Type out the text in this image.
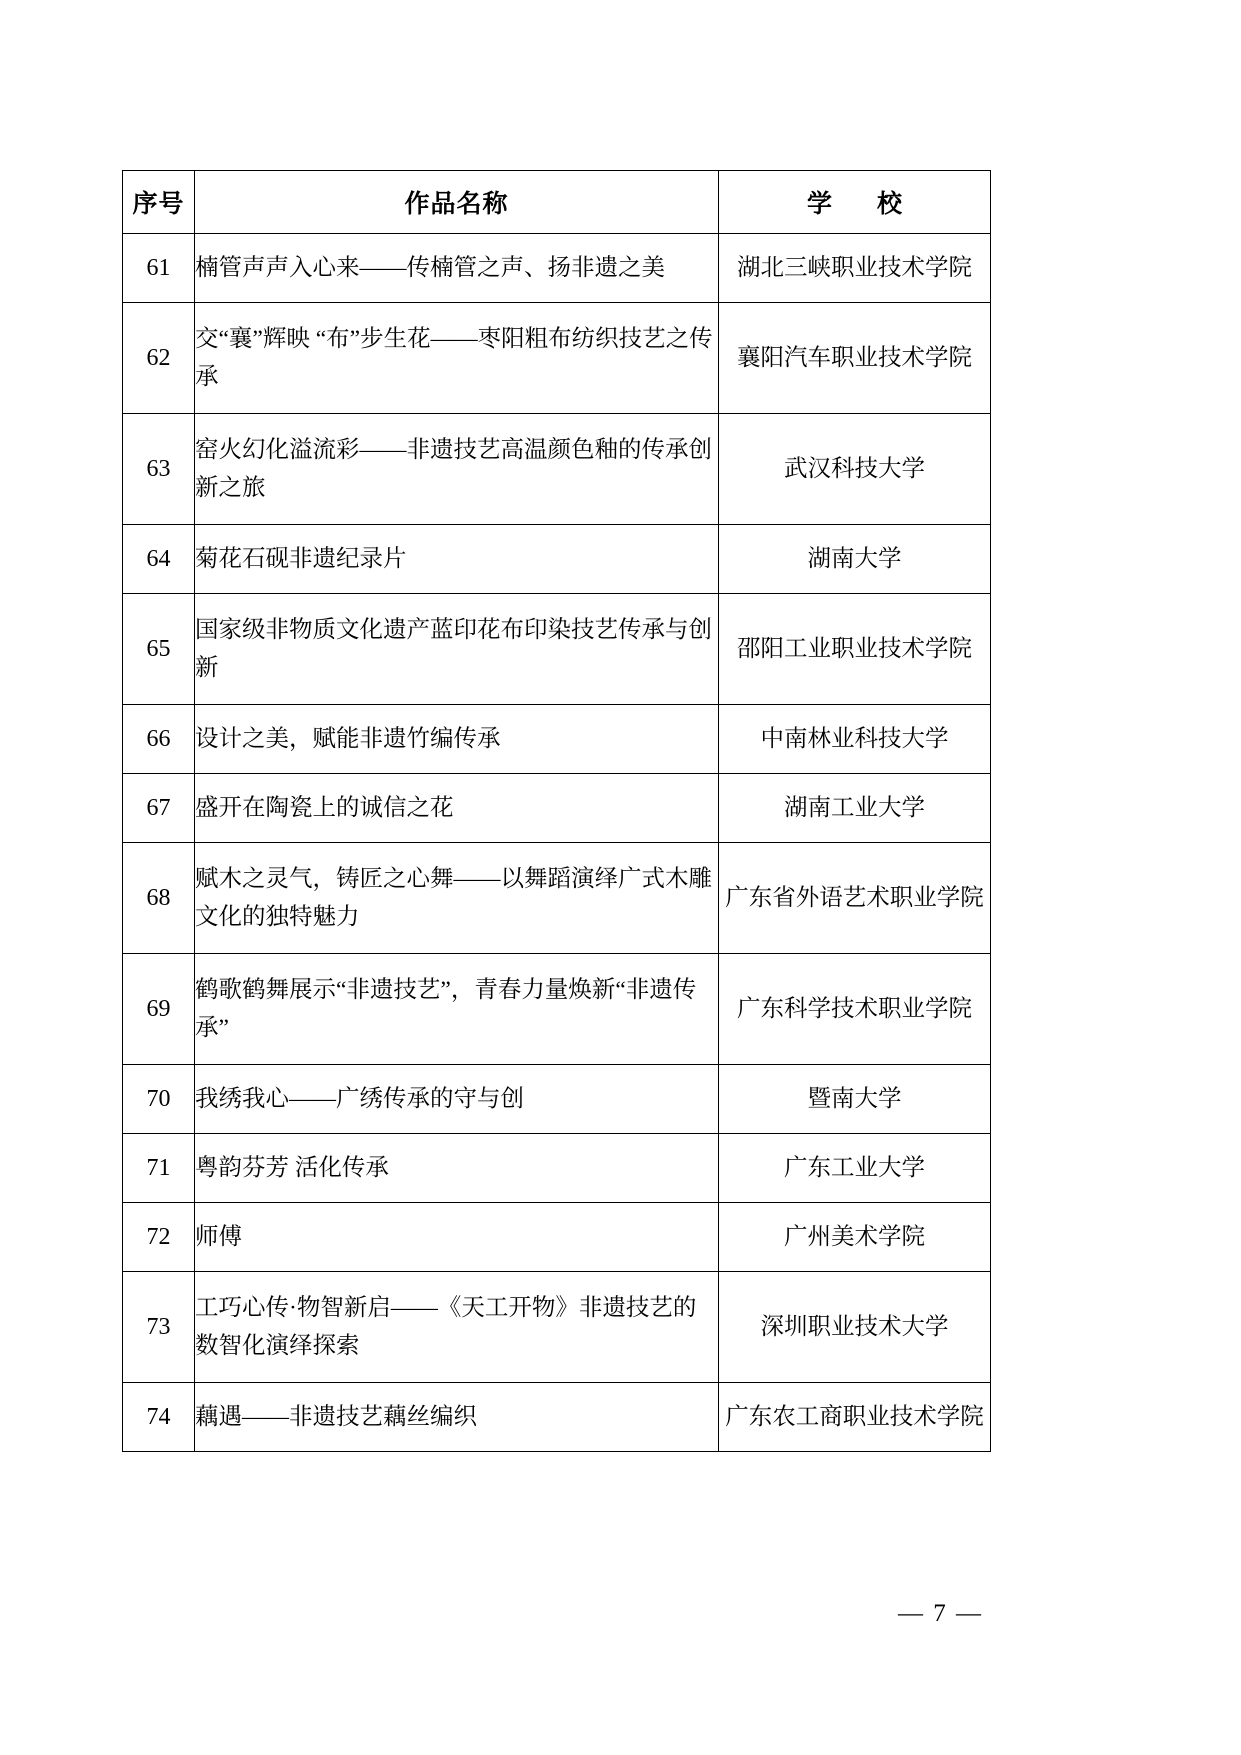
序号	作品名称	学　校
61	楠管声声入心来——传楠管之声、扬非遗之美	湖北三峡职业技术学院
62	交“襄”辉映 “布”步生花——枣阳粗布纺织技艺之传承	襄阳汽车职业技术学院
63	窑火幻化溢流彩——非遗技艺高温颜色釉的传承创新之旅	武汉科技大学
64	菊花石砚非遗纪录片	湖南大学
65	国家级非物质文化遗产蓝印花布印染技艺传承与创新	邵阳工业职业技术学院
66	设计之美，赋能非遗竹编传承	中南林业科技大学
67	盛开在陶瓷上的诚信之花	湖南工业大学
68	赋木之灵气，铸匠之心舞——以舞蹈演绎广式木雕文化的独特魅力	广东省外语艺术职业学院
69	鹤歌鹤舞展示“非遗技艺”，青春力量焕新“非遗传承”	广东科学技术职业学院
70	我绣我心——广绣传承的守与创	暨南大学
71	粤韵芬芳 活化传承	广东工业大学
72	师傅	广州美术学院
73	工巧心传·物智新启——《天工开物》非遗技艺的数智化演绎探索	深圳职业技术大学
74	藕遇——非遗技艺藕丝编织	广东农工商职业技术学院
— 7 —
